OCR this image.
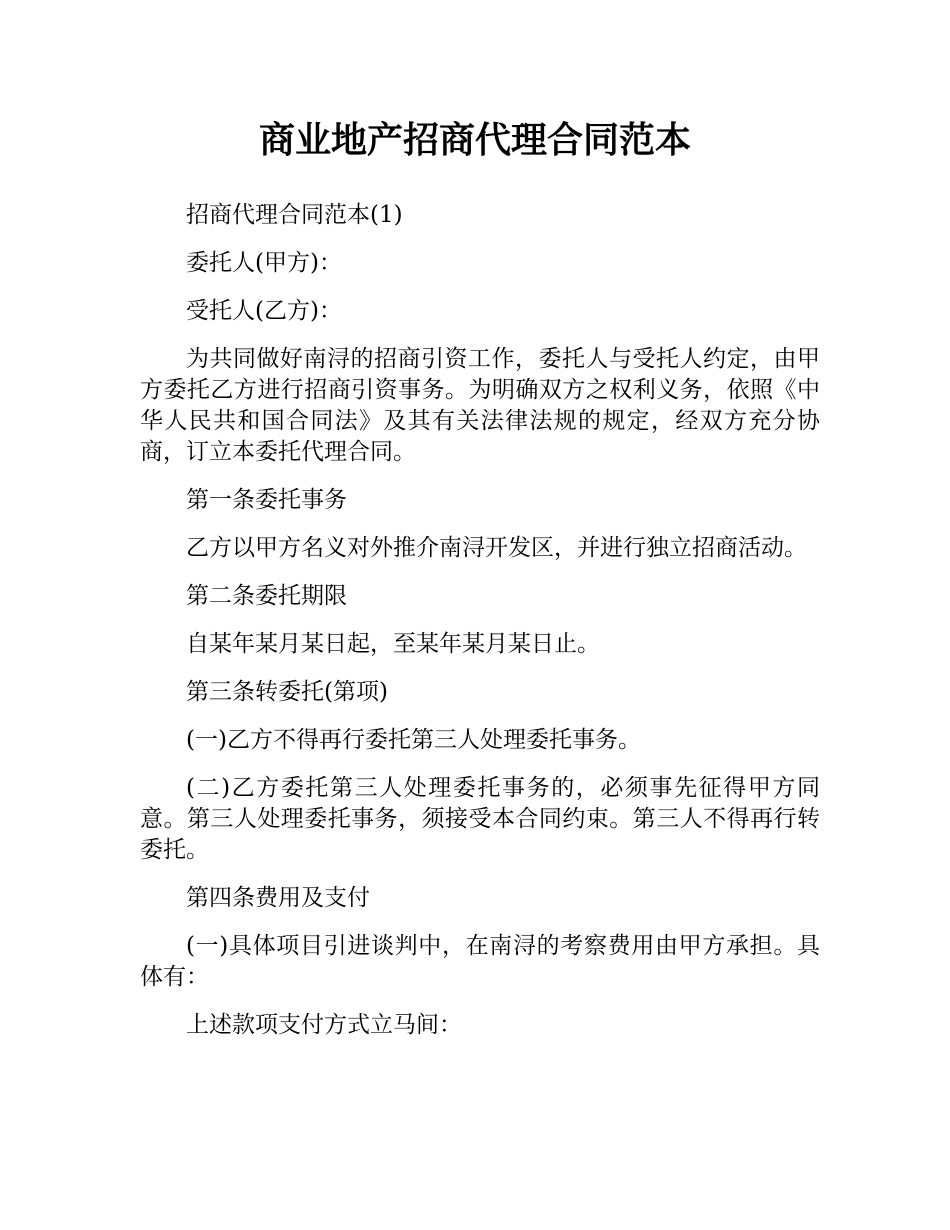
商业地产招商代理合同范本

招商代理合同范本(1)

委托人(甲方)：

受托人(乙方)：

为共同做好南浔的招商引资工作，委托人与受托人约定，由甲方委托乙方进行招商引资事务。为明确双方之权利义务，依照《中华人民共和国合同法》及其有关法律法规的规定，经双方充分协商，订立本委托代理合同。

第一条委托事务

乙方以甲方名义对外推介南浔开发区，并进行独立招商活动。

第二条委托期限

自某年某月某日起，至某年某月某日止。

第三条转委托(第项)

(一)乙方不得再行委托第三人处理委托事务。

(二)乙方委托第三人处理委托事务的，必须事先征得甲方同意。第三人处理委托事务，须接受本合同约束。第三人不得再行转委托。

第四条费用及支付

(一)具体项目引进谈判中，在南浔的考察费用由甲方承担。具体有：

上述款项支付方式立马间：
